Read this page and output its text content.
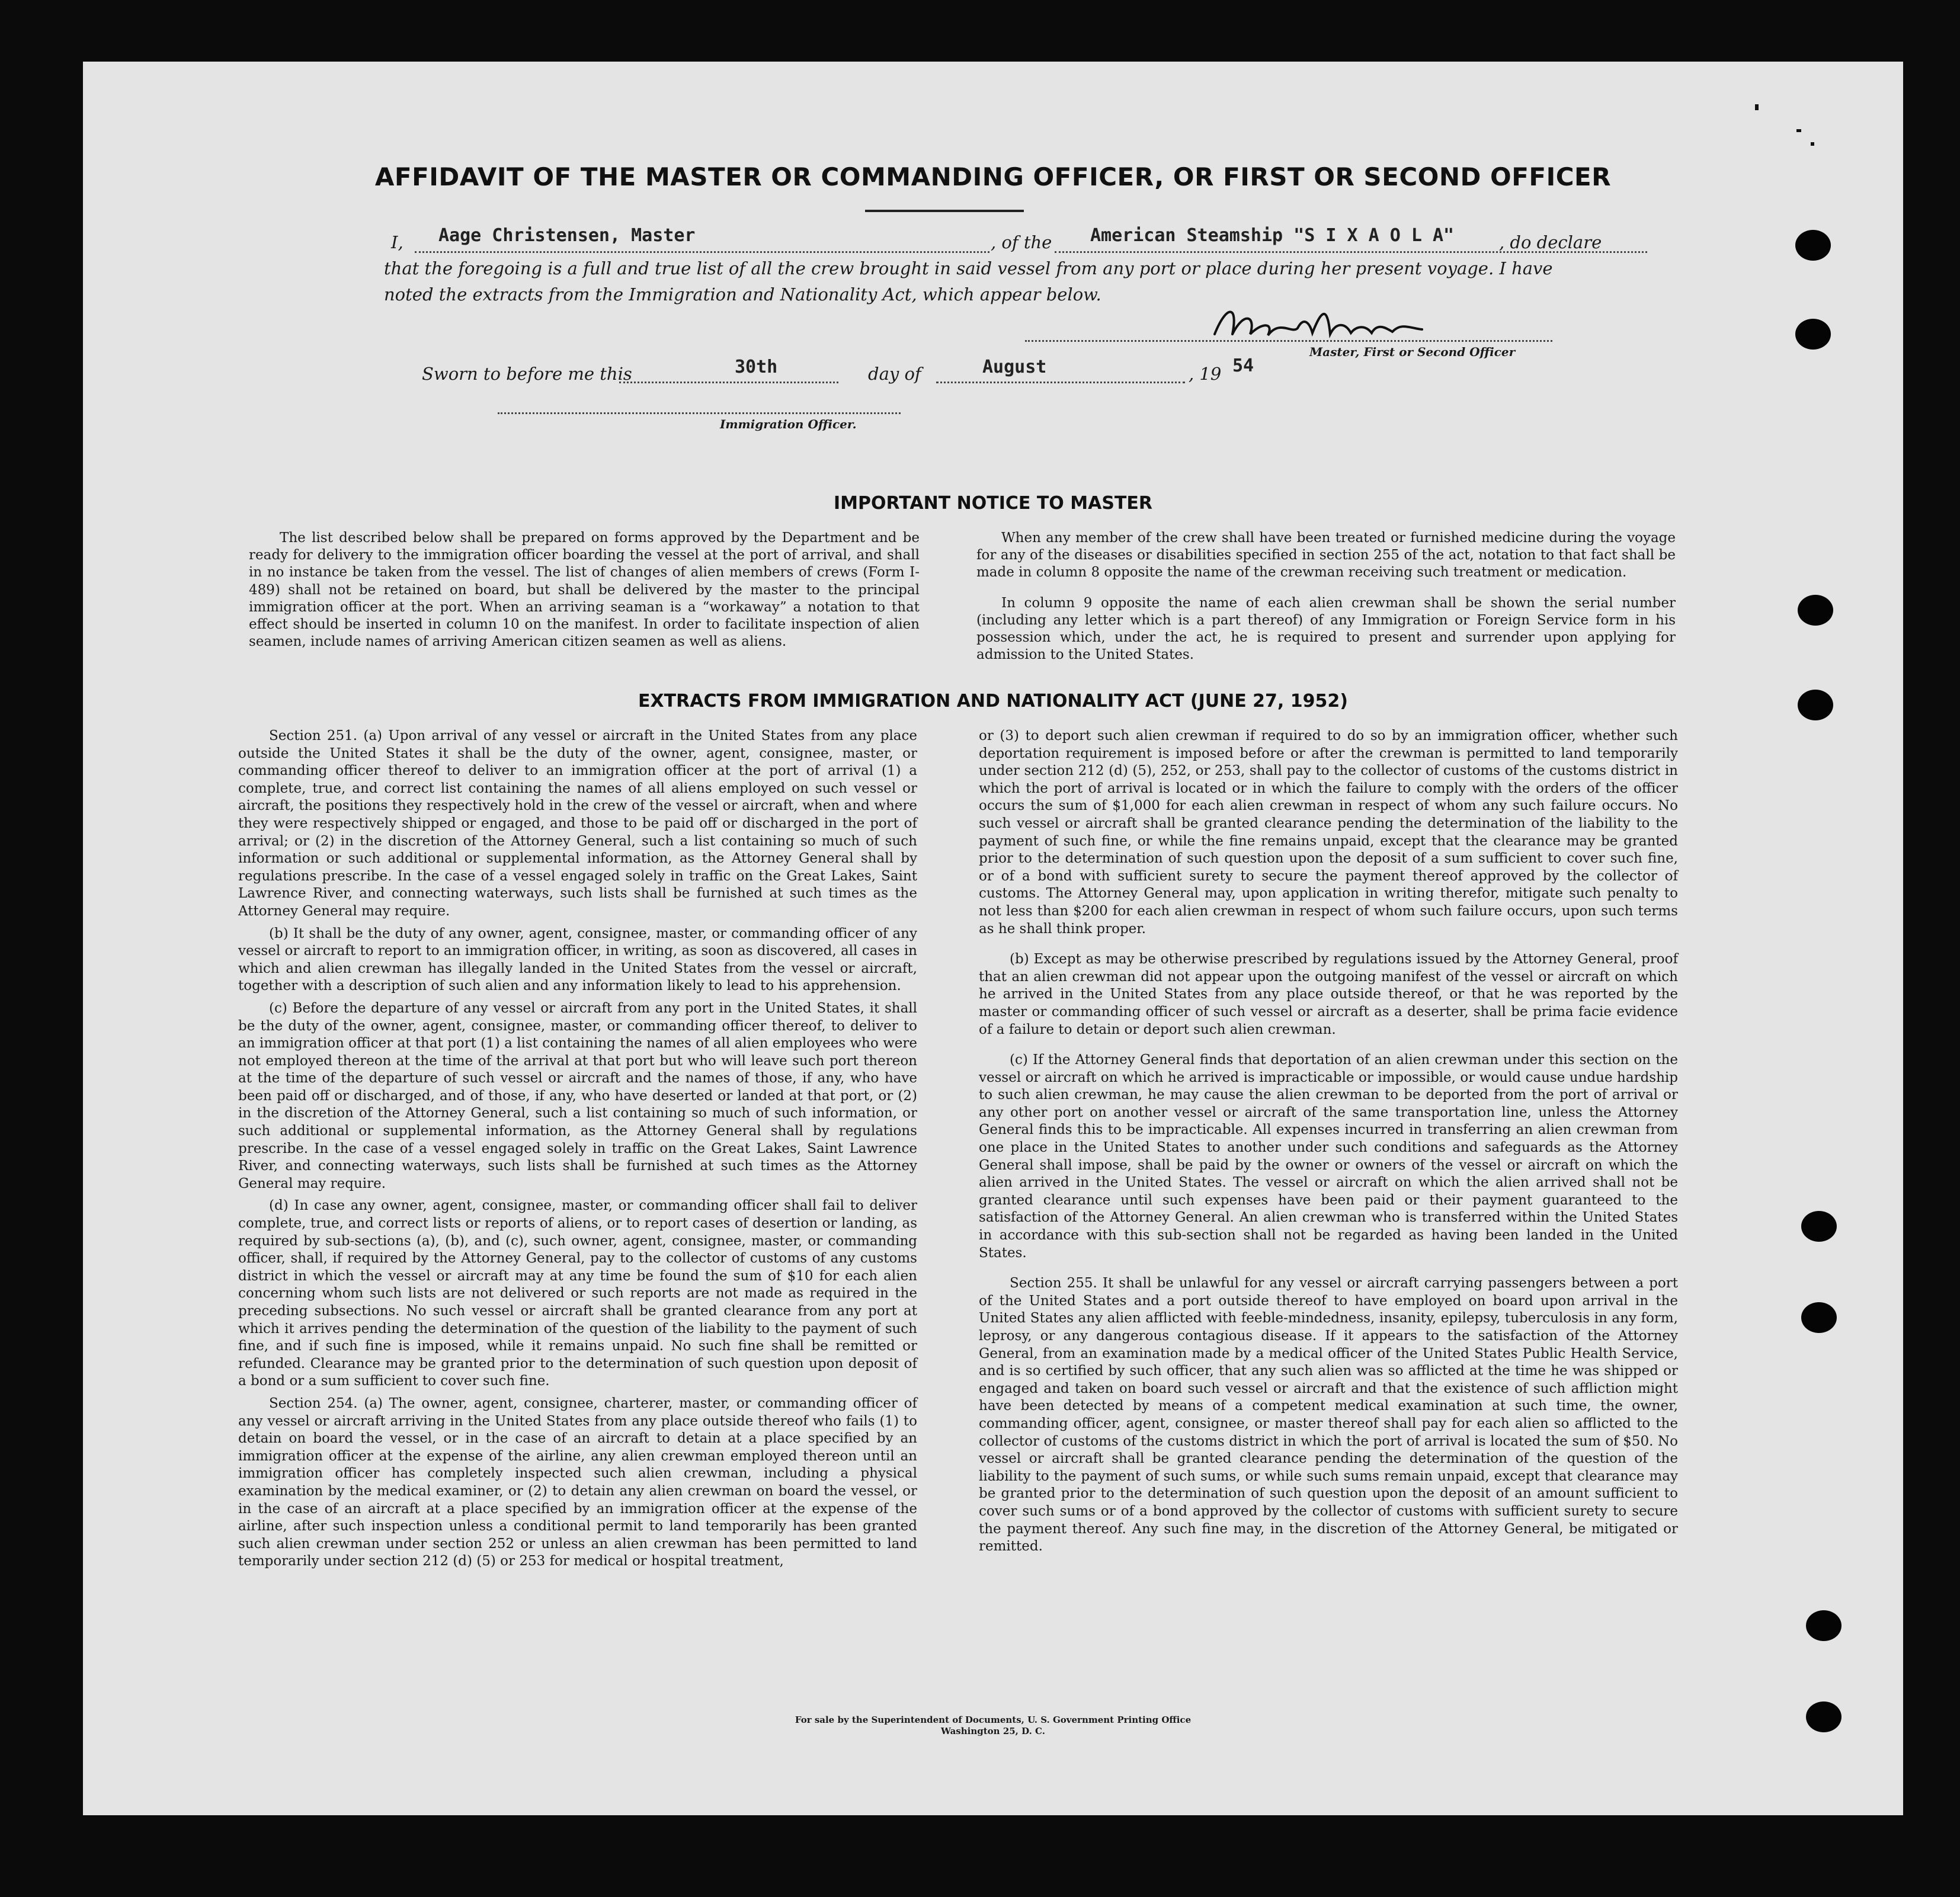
AFFIDAVIT OF THE MASTER OR COMMANDING OFFICER, OR FIRST OR SECOND OFFICER
I, Aage Christensen, Master	, of the American Steamship "S I X A O L A"	, do declare
that the foregoing is a full and true list of all the crew brought in said vessel from any port or place during her present voyage. I have
noted the extracts from the Immigration and Nationality Act, which appear below.
Master, First or Second Officer
Sworn to before me this	30th	day of	August	, 19 54
Immigration Officer.
IMPORTANT NOTICE TO MASTER

The list described below shall be prepared on forms approved by the Department and be ready for delivery to the immigration officer boarding the vessel at the port of arrival, and shall in no instance be taken from the vessel. The list of changes of alien members of crews (Form I-489) shall not be retained on board, but shall be delivered by the master to the principal immigration officer at the port. When an arriving seaman is a “workaway” a notation to that effect should be inserted in column 10 on the manifest. In order to facilitate inspection of alien seamen, include names of arriving American citizen seamen as well as aliens.

When any member of the crew shall have been treated or furnished medicine during the voyage for any of the diseases or disabilities specified in section 255 of the act, notation to that fact shall be made in column 8 opposite the name of the crewman receiving such treatment or medication.

In column 9 opposite the name of each alien crewman shall be shown the serial number (including any letter which is a part thereof) of any Immigration or Foreign Service form in his possession which, under the act, he is required to present and surrender upon applying for admission to the United States.

EXTRACTS FROM IMMIGRATION AND NATIONALITY ACT (JUNE 27, 1952)

Section 251. (a) Upon arrival of any vessel or aircraft in the United States from any place outside the United States it shall be the duty of the owner, agent, consignee, master, or commanding officer thereof to deliver to an immigration officer at the port of arrival (1) a complete, true, and correct list containing the names of all aliens employed on such vessel or aircraft, the positions they respectively hold in the crew of the vessel or aircraft, when and where they were respectively shipped or engaged, and those to be paid off or discharged in the port of arrival; or (2) in the discretion of the Attorney General, such a list containing so much of such information or such additional or supplemental information, as the Attorney General shall by regulations prescribe. In the case of a vessel engaged solely in traffic on the Great Lakes, Saint Lawrence River, and connecting waterways, such lists shall be furnished at such times as the Attorney General may require.

(b) It shall be the duty of any owner, agent, consignee, master, or commanding officer of any vessel or aircraft to report to an immigration officer, in writing, as soon as discovered, all cases in which and alien crewman has illegally landed in the United States from the vessel or aircraft, together with a description of such alien and any information likely to lead to his apprehension.

(c) Before the departure of any vessel or aircraft from any port in the United States, it shall be the duty of the owner, agent, consignee, master, or commanding officer thereof, to deliver to an immigration officer at that port (1) a list containing the names of all alien employees who were not employed thereon at the time of the arrival at that port but who will leave such port thereon at the time of the departure of such vessel or aircraft and the names of those, if any, who have been paid off or discharged, and of those, if any, who have deserted or landed at that port, or (2) in the discretion of the Attorney General, such a list containing so much of such information, or such additional or supplemental information, as the Attorney General shall by regulations prescribe. In the case of a vessel engaged solely in traffic on the Great Lakes, Saint Lawrence River, and connecting waterways, such lists shall be furnished at such times as the Attorney General may require.

(d) In case any owner, agent, consignee, master, or commanding officer shall fail to deliver complete, true, and correct lists or reports of aliens, or to report cases of desertion or landing, as required by sub-sections (a), (b), and (c), such owner, agent, consignee, master, or commanding officer, shall, if required by the Attorney General, pay to the collector of customs of any customs district in which the vessel or aircraft may at any time be found the sum of $10 for each alien concerning whom such lists are not delivered or such reports are not made as required in the preceding subsections. No such vessel or aircraft shall be granted clearance from any port at which it arrives pending the determination of the question of the liability to the payment of such fine, and if such fine is imposed, while it remains unpaid. No such fine shall be remitted or refunded. Clearance may be granted prior to the determination of such question upon deposit of a bond or a sum sufficient to cover such fine.

Section 254. (a) The owner, agent, consignee, charterer, master, or commanding officer of any vessel or aircraft arriving in the United States from any place outside thereof who fails (1) to detain on board the vessel, or in the case of an aircraft to detain at a place specified by an immigration officer at the expense of the airline, any alien crewman employed thereon until an immigration officer has completely inspected such alien crewman, including a physical examination by the medical examiner, or (2) to detain any alien crewman on board the vessel, or in the case of an aircraft at a place specified by an immigration officer at the expense of the airline, after such inspection unless a conditional permit to land temporarily has been granted such alien crewman under section 252 or unless an alien crewman has been permitted to land temporarily under section 212 (d) (5) or 253 for medical or hospital treatment,

or (3) to deport such alien crewman if required to do so by an immigration officer, whether such deportation requirement is imposed before or after the crewman is permitted to land temporarily under section 212 (d) (5), 252, or 253, shall pay to the collector of customs of the customs district in which the port of arrival is located or in which the failure to comply with the orders of the officer occurs the sum of $1,000 for each alien crewman in respect of whom any such failure occurs. No such vessel or aircraft shall be granted clearance pending the determination of the liability to the payment of such fine, or while the fine remains unpaid, except that the clearance may be granted prior to the determination of such question upon the deposit of a sum sufficient to cover such fine, or of a bond with sufficient surety to secure the payment thereof approved by the collector of customs. The Attorney General may, upon application in writing therefor, mitigate such penalty to not less than $200 for each alien crewman in respect of whom such failure occurs, upon such terms as he shall think proper.

(b) Except as may be otherwise prescribed by regulations issued by the Attorney General, proof that an alien crewman did not appear upon the outgoing manifest of the vessel or aircraft on which he arrived in the United States from any place outside thereof, or that he was reported by the master or commanding officer of such vessel or aircraft as a deserter, shall be prima facie evidence of a failure to detain or deport such alien crewman.

(c) If the Attorney General finds that deportation of an alien crewman under this section on the vessel or aircraft on which he arrived is impracticable or impossible, or would cause undue hardship to such alien crewman, he may cause the alien crewman to be deported from the port of arrival or any other port on another vessel or aircraft of the same transportation line, unless the Attorney General finds this to be impracticable. All expenses incurred in transferring an alien crewman from one place in the United States to another under such conditions and safeguards as the Attorney General shall impose, shall be paid by the owner or owners of the vessel or aircraft on which the alien arrived in the United States. The vessel or aircraft on which the alien arrived shall not be granted clearance until such expenses have been paid or their payment guaranteed to the satisfaction of the Attorney General. An alien crewman who is transferred within the United States in accordance with this sub-section shall not be regarded as having been landed in the United States.

Section 255. It shall be unlawful for any vessel or aircraft carrying passengers between a port of the United States and a port outside thereof to have employed on board upon arrival in the United States any alien afflicted with feeble-mindedness, insanity, epilepsy, tuberculosis in any form, leprosy, or any dangerous contagious disease. If it appears to the satisfaction of the Attorney General, from an examination made by a medical officer of the United States Public Health Service, and is so certified by such officer, that any such alien was so afflicted at the time he was shipped or engaged and taken on board such vessel or aircraft and that the existence of such affliction might have been detected by means of a competent medical examination at such time, the owner, commanding officer, agent, consignee, or master thereof shall pay for each alien so afflicted to the collector of customs of the customs district in which the port of arrival is located the sum of $50. No vessel or aircraft shall be granted clearance pending the determination of the question of the liability to the payment of such sums, or while such sums remain unpaid, except that clearance may be granted prior to the determination of such question upon the deposit of an amount sufficient to cover such sums or of a bond approved by the collector of customs with sufficient surety to secure the payment thereof. Any such fine may, in the discretion of the Attorney General, be mitigated or remitted.

For sale by the Superintendent of Documents, U. S. Government Printing Office
Washington 25, D. C.
